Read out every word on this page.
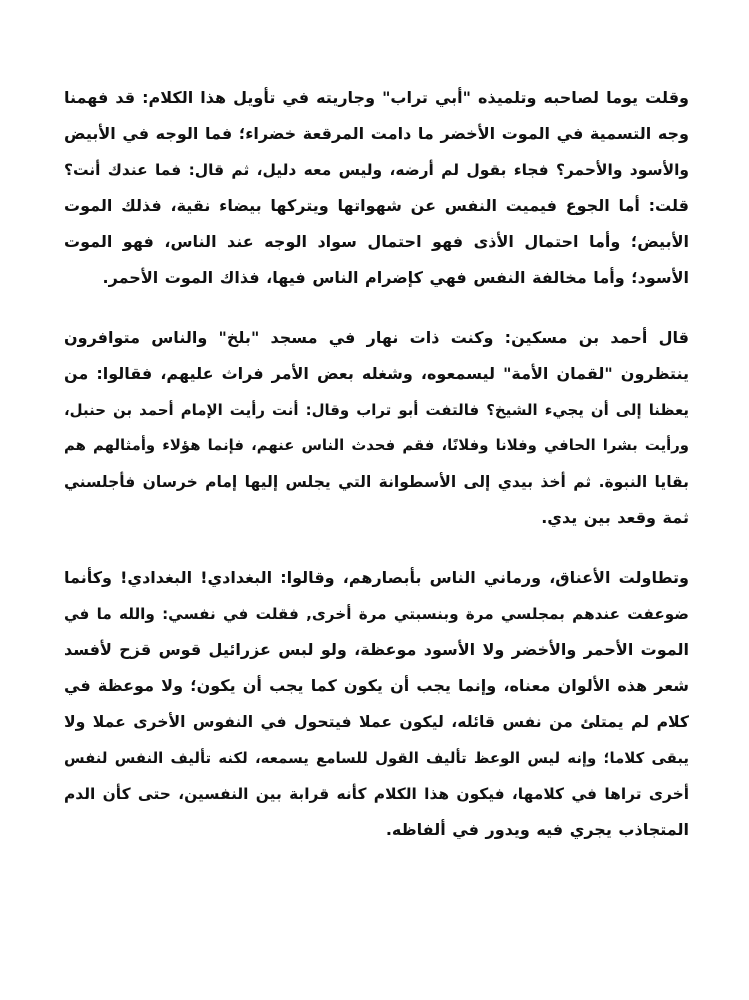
وقلت يوما لصاحبه وتلميذه "أبي تراب" وجاريته في تأويل هذا الكلام: قد فهمنا
وجه التسمية في الموت الأخضر ما دامت المرقعة خضراء؛ فما الوجه في الأبيض
والأسود والأحمر؟ فجاء بقول لم أرضه، وليس معه دليل، ثم قال: فما عندك أنت؟
قلت: أما الجوع فيميت النفس عن شهواتها ويتركها بيضاء نقية، فذلك الموت
الأبيض؛ وأما احتمال الأذى فهو احتمال سواد الوجه عند الناس، فهو الموت
الأسود؛ وأما مخالفة النفس فهي كإضرام الناس فيها، فذاك الموت الأحمر.

قال أحمد بن مسكين: وكنت ذات نهار في مسجد "بلخ" والناس متوافرون
ينتظرون "لقمان الأمة" ليسمعوه، وشغله بعض الأمر فراث عليهم، فقالوا: من
يعظنا إلى أن يجيء الشيخ؟ فالتفت أبو تراب وقال: أنت رأيت الإمام أحمد بن حنبل،
ورأيت بشرا الحافي وفلانا وفلانًا، فقم فحدث الناس عنهم، فإنما هؤلاء وأمثالهم هم
بقايا النبوة. ثم أخذ بيدي إلى الأسطوانة التي يجلس إليها إمام خرسان فأجلسني
ثمة وقعد بين يدي.

وتطاولت الأعناق، ورماني الناس بأبصارهم، وقالوا: البغدادي! البغدادي! وكأنما
ضوعفت عندهم بمجلسي مرة وبنسبتي مرة أخرى, فقلت في نفسي: والله ما في
الموت الأحمر والأخضر ولا الأسود موعظة، ولو لبس عزرائيل قوس قزح لأفسد
شعر هذه الألوان معناه، وإنما يجب أن يكون كما يجب أن يكون؛ ولا موعظة في
كلام لم يمتلئ من نفس قائله، ليكون عملا فيتحول في النفوس الأخرى عملا ولا
يبقى كلاما؛ وإنه ليس الوعظ تأليف القول للسامع يسمعه، لكنه تأليف النفس لنفس
أخرى تراها في كلامها، فيكون هذا الكلام كأنه قرابة بين النفسين، حتى كأن الدم
المتجاذب يجري فيه ويدور في ألفاظه.
